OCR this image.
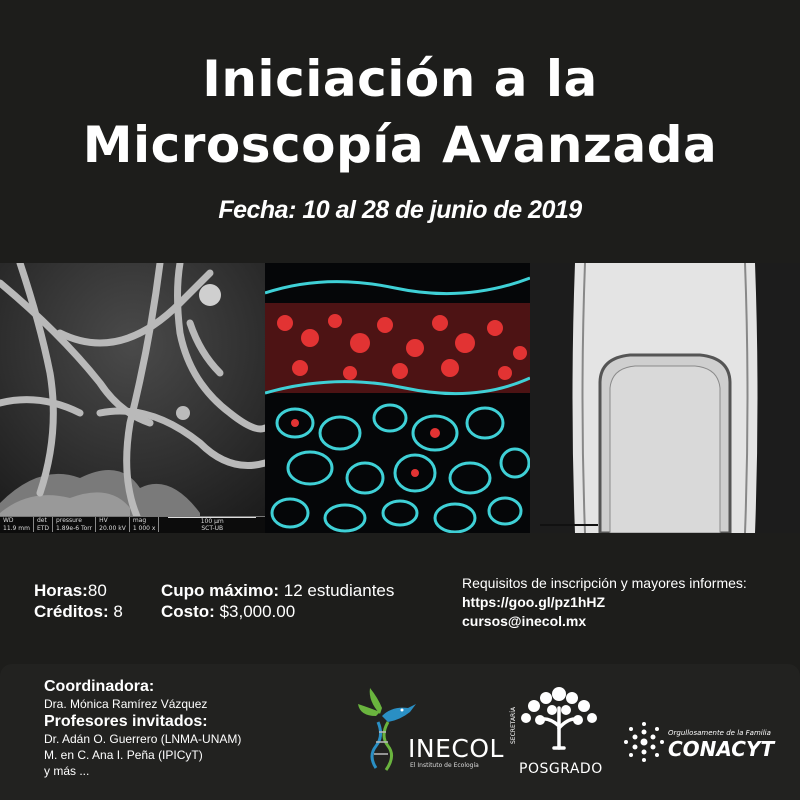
Iniciación a la
Microscopía Avanzada
Fecha: 10 al 28 de junio de 2019
WD	det	pressure	HV	mag	100 µm
SCT-UB
11.9 mm	ETD	1.89e-6 Torr	20.00 kV	1 000 x	
Horas:80
Créditos: 8
Cupo máximo: 12 estudiantes
Costo: $3,000.00
Requisitos de inscripción y mayores informes:
https://goo.gl/pz1hHZ
cursos@inecol.mx
Coordinadora:
Dra. Mónica Ramírez Vázquez
Profesores invitados:
Dr. Adán O. Guerrero (LNMA-UNAM)
M. en C. Ana I. Peña (IPICyT)
y más ...
INECOL
El Instituto de Ecología
SECRETARÍA
POSGRADO
Orgullosamente de la Familia
CONACYT
